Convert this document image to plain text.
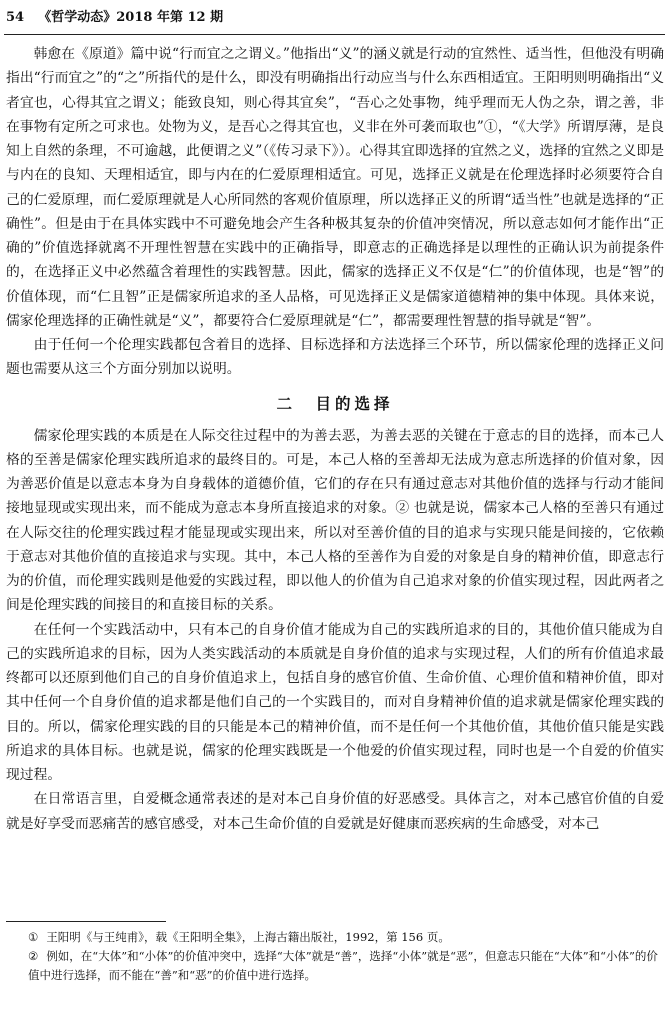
54 《哲学动态》2018 年第 12 期

韩愈在《原道》篇中说“行而宜之之谓义。”他指出“义”的涵义就是行动的宜然性、适当性，但他没有明确指出“行而宜之”的“之”所指代的是什么，即没有明确指出行动应当与什么东西相适宜。王阳明则明确指出“义者宜也，心得其宜之谓义；能致良知，则心得其宜矣”，“吾心之处事物，纯乎理而无人伪之杂，谓之善，非在事物有定所之可求也。处物为义，是吾心之得其宜也，义非在外可袭而取也”①，“《大学》所谓厚薄，是良知上自然的条理，不可逾越，此便谓之义”（《传习录下》）。心得其宜即选择的宜然之义，选择的宜然之义即是与内在的良知、天理相适宜，即与内在的仁爱原理相适宜。可见，选择正义就是在伦理选择时必须要符合自己的仁爱原理，而仁爱原理就是人心所同然的客观价值原理，所以选择正义的所谓“适当性”也就是选择的“正确性”。但是由于在具体实践中不可避免地会产生各种极其复杂的价值冲突情况，所以意志如何才能作出“正确的”价值选择就离不开理性智慧在实践中的正确指导，即意志的正确选择是以理性的正确认识为前提条件的，在选择正义中必然蕴含着理性的实践智慧。因此，儒家的选择正义不仅是“仁”的价值体现，也是“智”的价值体现，而“仁且智”正是儒家所追求的圣人品格，可见选择正义是儒家道德精神的集中体现。具体来说，儒家伦理选择的正确性就是“义”，都要符合仁爱原理就是“仁”，都需要理性智慧的指导就是“智”。

由于任何一个伦理实践都包含着目的选择、目标选择和方法选择三个环节，所以儒家伦理的选择正义问题也需要从这三个方面分别加以说明。

二　目的选择

儒家伦理实践的本质是在人际交往过程中的为善去恶，为善去恶的关键在于意志的目的选择，而本己人格的至善是儒家伦理实践所追求的最终目的。可是，本己人格的至善却无法成为意志所选择的价值对象，因为善恶价值是以意志本身为自身载体的道德价值，它们的存在只有通过意志对其他价值的选择与行动才能间接地显现或实现出来，而不能成为意志本身所直接追求的对象。② 也就是说，儒家本己人格的至善只有通过在人际交往的伦理实践过程才能显现或实现出来，所以对至善价值的目的追求与实现只能是间接的，它依赖于意志对其他价值的直接追求与实现。其中，本己人格的至善作为自爱的对象是自身的精神价值，即意志行为的价值，而伦理实践则是他爱的实践过程，即以他人的价值为自己追求对象的价值实现过程，因此两者之间是伦理实践的间接目的和直接目标的关系。

在任何一个实践活动中，只有本己的自身价值才能成为自己的实践所追求的目的，其他价值只能成为自己的实践所追求的目标，因为人类实践活动的本质就是自身价值的追求与实现过程，人们的所有价值追求最终都可以还原到他们自己的自身价值追求上，包括自身的感官价值、生命价值、心理价值和精神价值，即对其中任何一个自身价值的追求都是他们自己的一个实践目的，而对自身精神价值的追求就是儒家伦理实践的目的。所以，儒家伦理实践的目的只能是本己的精神价值，而不是任何一个其他价值，其他价值只能是实践所追求的具体目标。也就是说，儒家的伦理实践既是一个他爱的价值实现过程，同时也是一个自爱的价值实现过程。

在日常语言里，自爱概念通常表述的是对本己自身价值的好恶感受。具体言之，对本己感官价值的自爱就是好享受而恶痛苦的感官感受，对本己生命价值的自爱就是好健康而恶疾病的生命感受，对本己

① 王阳明《与王纯甫》，载《王阳明全集》，上海古籍出版社，1992，第 156 页。

② 例如，在“大体”和“小体”的价值冲突中，选择“大体”就是“善”，选择“小体”就是“恶”，但意志只能在“大体”和“小体”的价值中进行选择，而不能在“善”和“恶”的价值中进行选择。
